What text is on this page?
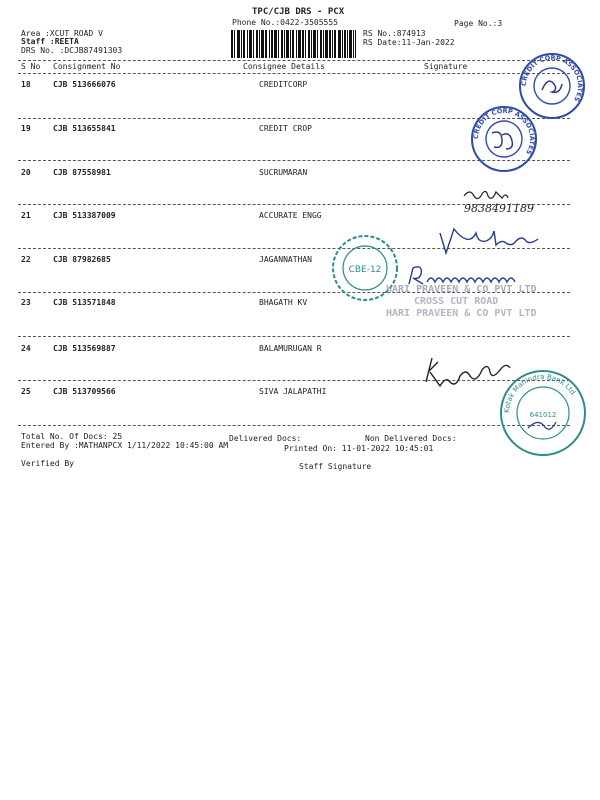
TPC/CJB DRS - PCX
Phone No.:0422-3505555	Page No.:3
Area :XCUT ROAD V
Staff :REETA
DRS No. :DCJB87491303
RS No.:874913
RS Date:11-Jan-2022
S No Consignment No	Consignee Details	Signature
18	CJB 513666076	CREDITCORP
19	CJB 513655841	CREDIT CROP
20	CJB 87558981	SUCRUMARAN
21	CJB 513387009	ACCURATE ENGG
22	CJB 87982685	JAGANNATHAN
23	CJB 513571848	BHAGATH KV
24	CJB 513569887	BALAMURUGAN R
25	CJB 513709566	SIVA JALAPATHI
Total No. Of Docs: 25	Delivered Docs:	Non Delivered Docs:
Entered By :MATHANPCX 1/11/2022 10:45:00 AM	Printed On: 11-01-2022 10:45:01
Verified By	Staff Signature
CREDIT CORP ASSOCIATES
CREDIT CORP ASSOCIATES
9838491189
CBE-12
HARI PRAVEEN & CO PVT LTD
CROSS CUT ROAD
HARI PRAVEEN & CO PVT LTD
Kotak Mahindra Bank Ltd.
641012
